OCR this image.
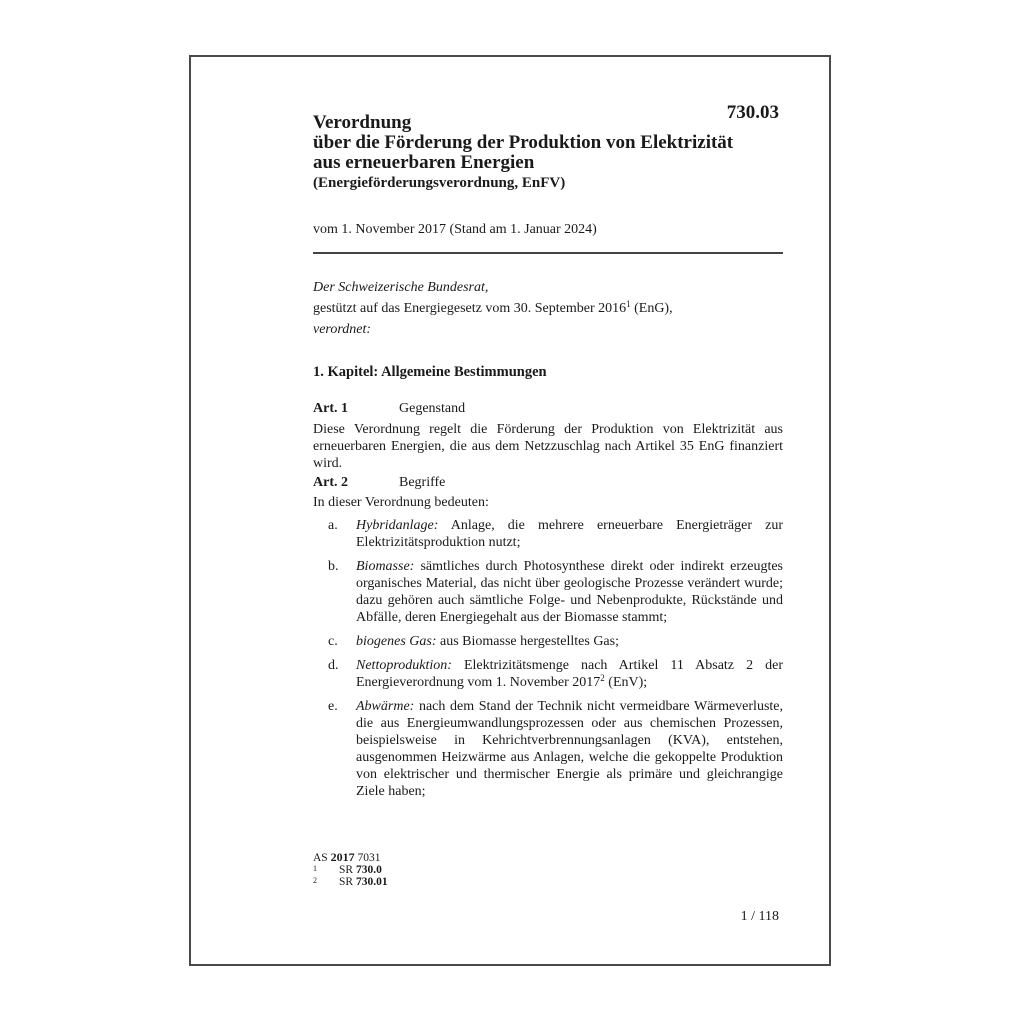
730.03
Verordnung
über die Förderung der Produktion von Elektrizität
aus erneuerbaren Energien
(Energieförderungsverordnung, EnFV)
vom 1. November 2017 (Stand am 1. Januar 2024)
Der Schweizerische Bundesrat,
gestützt auf das Energiegesetz vom 30. September 2016$^1$ (EnG),
verordnet:
1. Kapitel: Allgemeine Bestimmungen
Art. 1	Gegenstand
Diese Verordnung regelt die Förderung der Produktion von Elektrizität aus erneuerbaren Energien, die aus dem Netzzuschlag nach Artikel 35 EnG finanziert wird.
Art. 2	Begriffe
In dieser Verordnung bedeuten:
a.	Hybridanlage: Anlage, die mehrere erneuerbare Energieträger zur Elektrizitätsproduktion nutzt;
b.	Biomasse: sämtliches durch Photosynthese direkt oder indirekt erzeugtes organisches Material, das nicht über geologische Prozesse verändert wurde; dazu gehören auch sämtliche Folge- und Nebenprodukte, Rückstände und Abfälle, deren Energiegehalt aus der Biomasse stammt;
c.	biogenes Gas: aus Biomasse hergestelltes Gas;
d.	Nettoproduktion: Elektrizitätsmenge nach Artikel 11 Absatz 2 der Energieverordnung vom 1. November 2017$^2$ (EnV);
e.	Abwärme: nach dem Stand der Technik nicht vermeidbare Wärmeverluste, die aus Energieumwandlungsprozessen oder aus chemischen Prozessen, beispielsweise in Kehrichtverbrennungsanlagen (KVA), entstehen, ausgenommen Heizwärme aus Anlagen, welche die gekoppelte Produktion von elektrischer und thermischer Energie als primäre und gleichrangige Ziele haben;
AS 2017 7031
1	SR 730.0
2	SR 730.01
1 / 118
